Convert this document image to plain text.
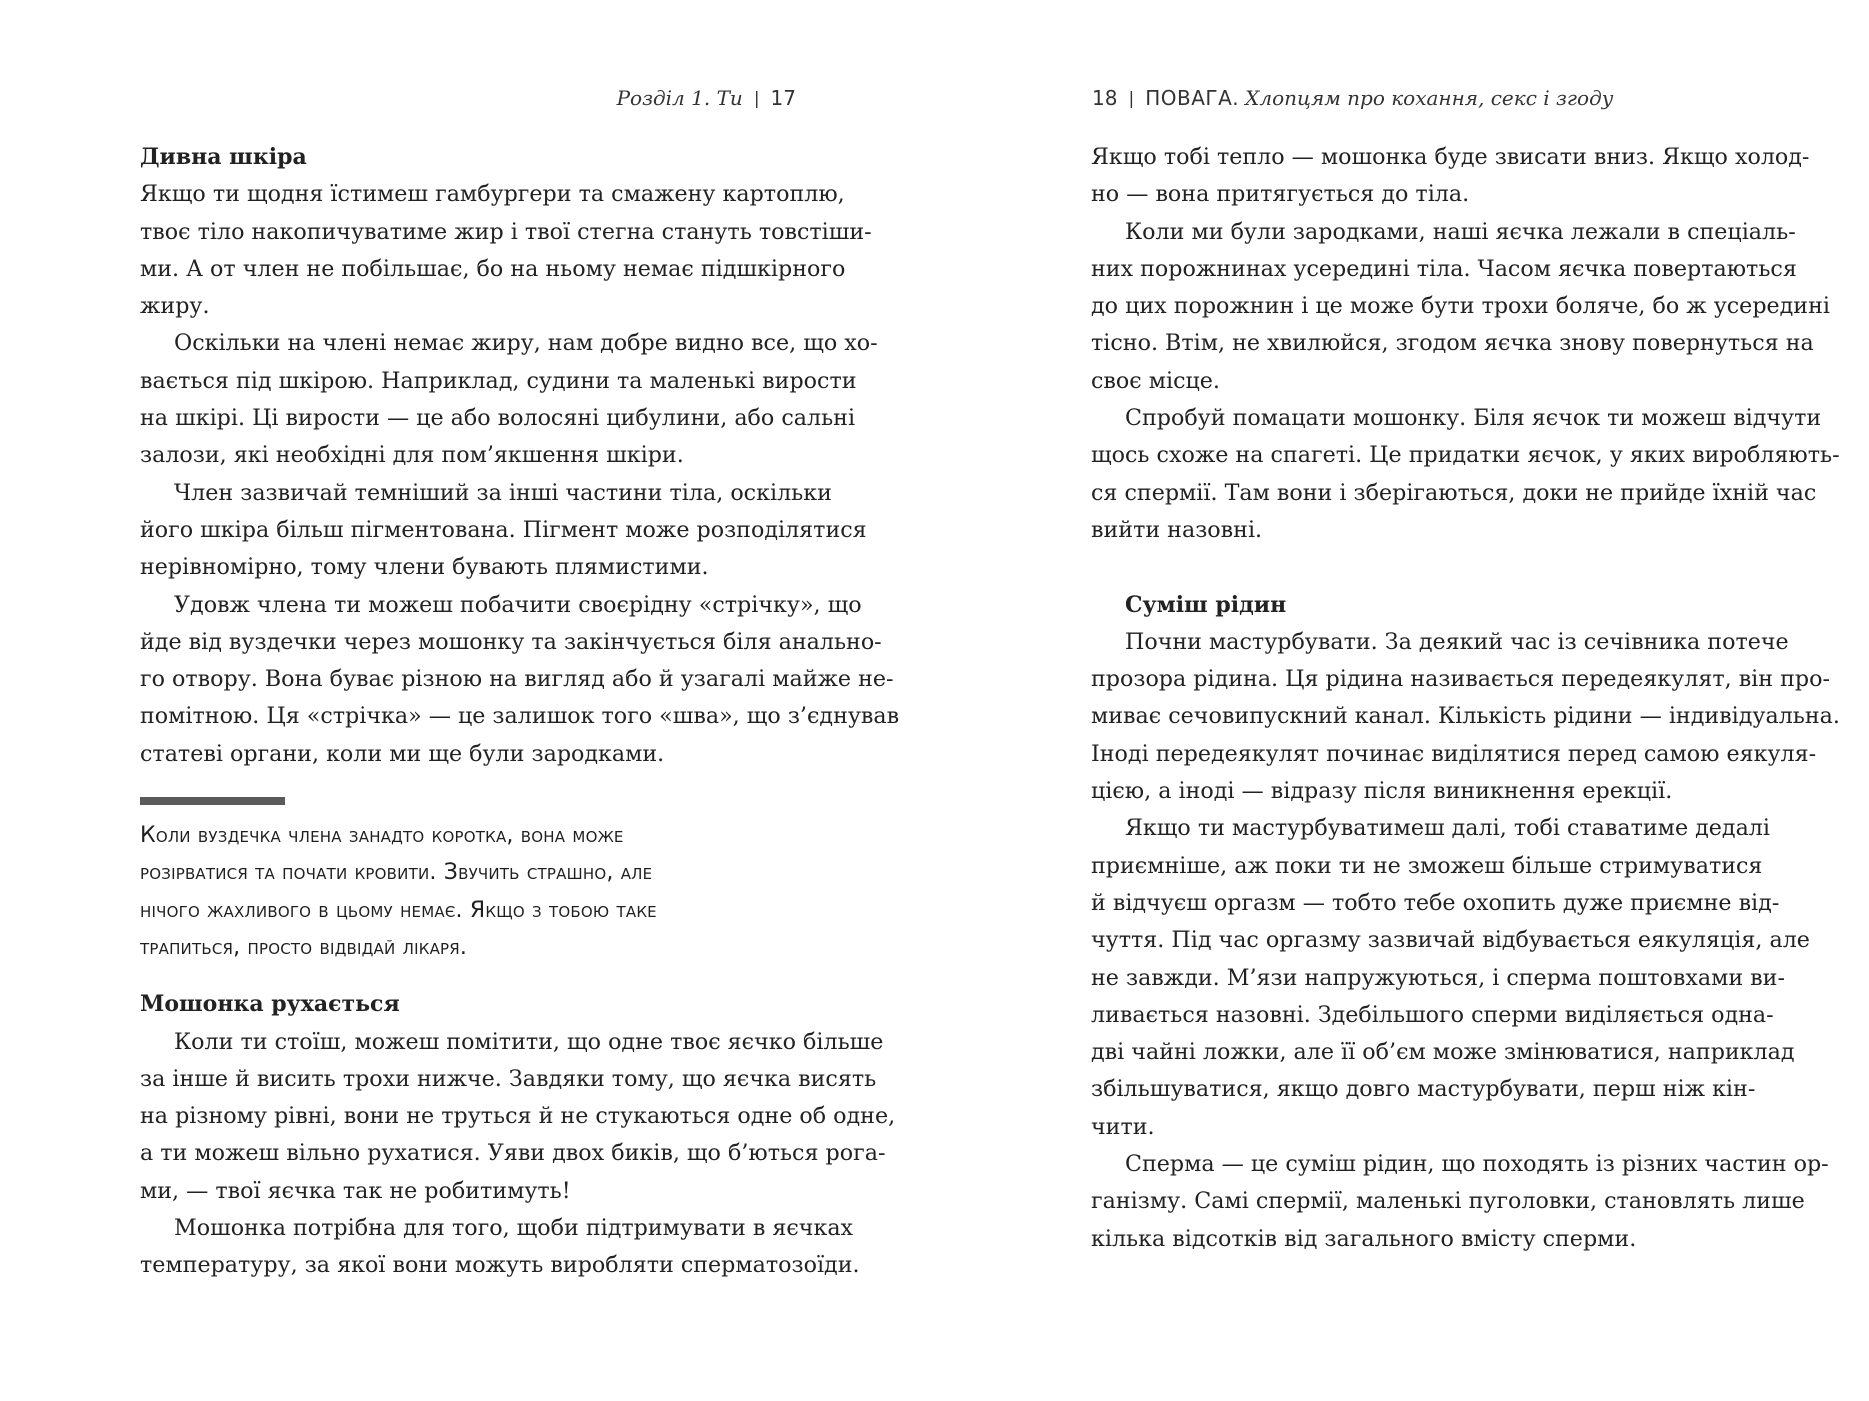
Розділ 1. Ти | 17
Дивна шкіра
Якщо ти щодня їстимеш гамбургери та смажену картоплю,
твоє тіло накопичуватиме жир і твої стегна стануть товстіши-
ми. А от член не побільшає, бо на ньому немає підшкірного
жиру.
Оскільки на члені немає жиру, нам добре видно все, що хо-
вається під шкірою. Наприклад, судини та маленькі вирости
на шкірі. Ці вирости — це або волосяні цибулини, або сальні
залози, які необхідні для пом’якшення шкіри.
Член зазвичай темніший за інші частини тіла, оскільки
його шкіра більш пігментована. Пігмент може розподілятися
нерівномірно, тому члени бувають плямистими.
Удовж члена ти можеш побачити своєрідну «стрічку», що
йде від вуздечки через мошонку та закінчується біля анально-
го отвору. Вона буває різною на вигляд або й узагалі майже не-
помітною. Ця «стрічка» — це залишок того «шва», що з’єднував
статеві органи, коли ми ще були зародками.
Коли вуздечка члена занадто коротка, вона може
розірватися та почати кровити. Звучить страшно, але
нічого жахливого в цьому немає. Якщо з тобою таке
трапиться, просто відвідай лікаря.
Мошонка рухається
Коли ти стоїш, можеш помітити, що одне твоє яєчко більше
за інше й висить трохи нижче. Завдяки тому, що яєчка висять
на різному рівні, вони не труться й не стукаються одне об одне,
а ти можеш вільно рухатися. Уяви двох биків, що б’ються рога-
ми, — твої яєчка так не робитимуть!
Мошонка потрібна для того, щоби підтримувати в яєчках
температуру, за якої вони можуть виробляти сперматозоїди.
18 | ПОВАГА. Хлопцям про кохання, секс і згоду
Якщо тобі тепло — мошонка буде звисати вниз. Якщо холод-
но — вона притягується до тіла.
Коли ми були зародками, наші яєчка лежали в спеціаль-
них порожнинах усередині тіла. Часом яєчка повертаються
до цих порожнин і це може бути трохи боляче, бо ж усередині
тісно. Втім, не хвилюйся, згодом яєчка знову повернуться на
своє місце.
Спробуй помацати мошонку. Біля яєчок ти можеш відчути
щось схоже на спагеті. Це придатки яєчок, у яких виробляють-
ся спермії. Там вони і зберігаються, доки не прийде їхній час
вийти назовні.
Суміш рідин
Почни мастурбувати. За деякий час із сечівника потече
прозора рідина. Ця рідина називається передеякулят, він про-
миває сечовипускний канал. Кількість рідини — індивідуальна.
Іноді передеякулят починає виділятися перед самою еякуля-
цією, а іноді — відразу після виникнення ерекції.
Якщо ти мастурбуватимеш далі, тобі ставатиме дедалі
приємніше, аж поки ти не зможеш більше стримуватися
й відчуєш оргазм — тобто тебе охопить дуже приємне від-
чуття. Під час оргазму зазвичай відбувається еякуляція, але
не завжди. М’язи напружуються, і сперма поштовхами ви-
ливається назовні. Здебільшого сперми виділяється одна-
дві чайні ложки, але її об’єм може змінюватися, наприклад
збільшуватися, якщо довго мастурбувати, перш ніж кін-
чити.
Сперма — це суміш рідин, що походять із різних частин ор-
ганізму. Самі спермії, маленькі пуголовки, становлять лише
кілька відсотків від загального вмісту сперми.
